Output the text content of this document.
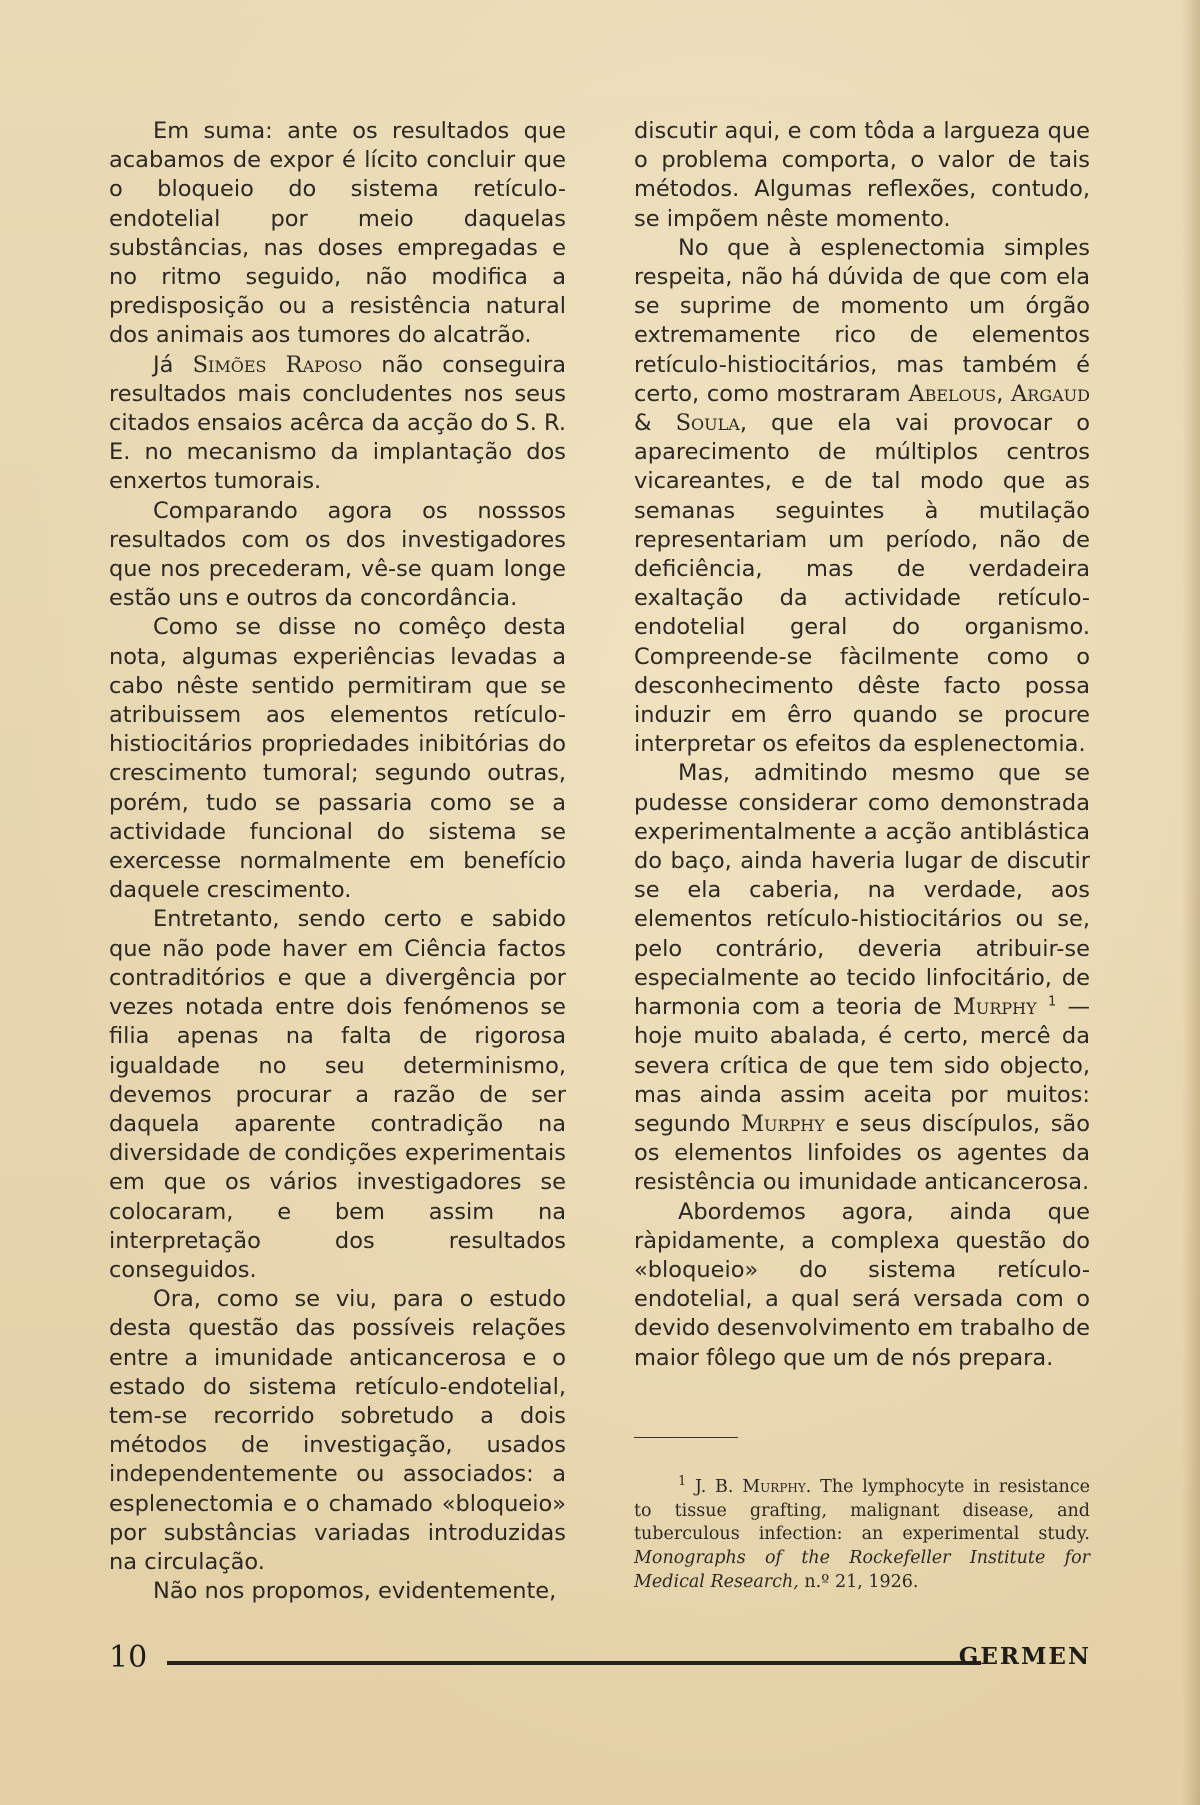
Em suma: ante os resultados que acabamos de expor é lícito concluir que o bloqueio do sistema retículo-endotelial por meio daquelas substâncias, nas doses empregadas e no ritmo seguido, não modifica a predisposição ou a resistência natural dos animais aos tumores do alcatrão.

Já Simões Raposo não conseguira resultados mais concludentes nos seus citados ensaios acêrca da acção do S. R. E. no mecanismo da implantação dos enxertos tumorais.

Comparando agora os nosssos resultados com os dos investigadores que nos precederam, vê-se quam longe estão uns e outros da concordância.

Como se disse no comêço desta nota, algumas experiências levadas a cabo nêste sentido permitiram que se atribuissem aos elementos retículo-histiocitários propriedades inibitórias do crescimento tumoral; segundo outras, porém, tudo se passaria como se a actividade funcional do sistema se exercesse normalmente em benefício daquele crescimento.

Entretanto, sendo certo e sabido que não pode haver em Ciência factos contraditórios e que a divergência por vezes notada entre dois fenómenos se filia apenas na falta de rigorosa igualdade no seu determinismo, devemos procurar a razão de ser daquela aparente contradição na diversidade de condições experimentais em que os vários investigadores se colocaram, e bem assim na interpretação dos resultados conseguidos.

Ora, como se viu, para o estudo desta questão das possíveis relações entre a imunidade anticancerosa e o estado do sistema retículo-endotelial, tem-se recorrido sobretudo a dois métodos de investigação, usados independentemente ou associados: a esplenectomia e o chamado «bloqueio» por substâncias variadas introduzidas na circulação.

Não nos propomos, evidentemente,

discutir aqui, e com tôda a largueza que o problema comporta, o valor de tais métodos. Algumas reflexões, contudo, se impõem nêste momento.

No que à esplenectomia simples respeita, não há dúvida de que com ela se suprime de momento um órgão extremamente rico de elementos retículo-histiocitários, mas também é certo, como mostraram Abelous, Argaud & Soula, que ela vai provocar o aparecimento de múltiplos centros vicareantes, e de tal modo que as semanas seguintes à mutilação representariam um período, não de deficiência, mas de verdadeira exaltação da actividade retículo-endotelial geral do organismo. Compreende-se fàcilmente como o desconhecimento dêste facto possa induzir em êrro quando se procure interpretar os efeitos da esplenectomia.

Mas, admitindo mesmo que se pudesse considerar como demonstrada experimentalmente a acção antiblástica do baço, ainda haveria lugar de discutir se ela caberia, na verdade, aos elementos retículo-histiocitários ou se, pelo contrário, deveria atribuir-se especialmente ao tecido linfocitário, de harmonia com a teoria de Murphy $^1$ — hoje muito abalada, é certo, mercê da severa crítica de que tem sido objecto, mas ainda assim aceita por muitos: segundo Murphy e seus discípulos, são os elementos linfoides os agentes da resistência ou imunidade anticancerosa.

Abordemos agora, ainda que ràpidamente, a complexa questão do «bloqueio» do sistema retículo-endotelial, a qual será versada com o devido desenvolvimento em trabalho de maior fôlego que um de nós prepara.

$^1$ J. B. Murphy. The lymphocyte in resistance to tissue grafting, malignant disease, and tuberculous infection: an experimental study. Monographs of the Rockefeller Institute for Medical Research, n.º 21, 1926.
10	GERMEN
